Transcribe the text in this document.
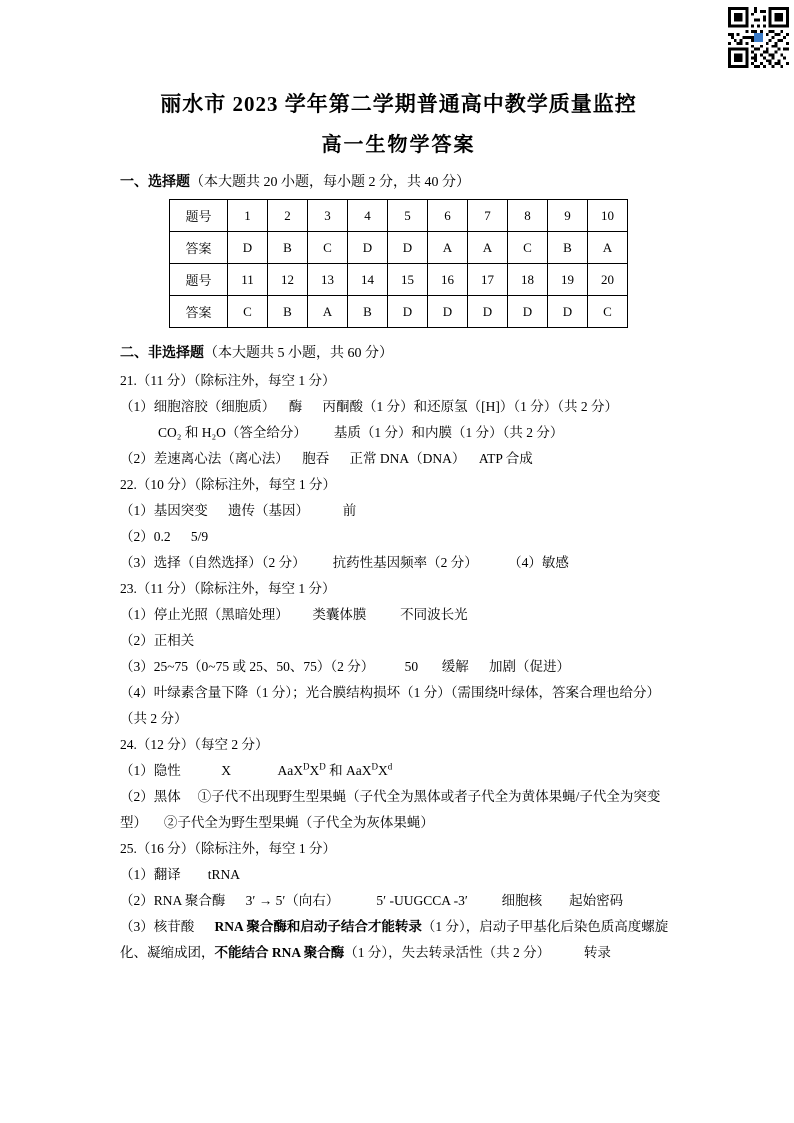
丽水市 2023 学年第二学期普通高中教学质量监控
高一生物学答案

一、选择题（本大题共 20 小题，每小题 2 分，共 40 分）

题号	1	2	3	4	5	6	7	8	9	10
答案	D	B	C	D	D	A	A	C	B	A
题号	11	12	13	14	15	16	17	18	19	20
答案	C	B	A	B	D	D	D	D	D	C

二、非选择题（本大题共 5 小题，共 60 分）

21.（11 分）（除标注外，每空 1 分）

（1）细胞溶胶（细胞质）    酶      丙酮酸（1 分）和还原氢（[H]）（1 分）（共 2 分）

CO₂ 和 H₂O（答全给分）        基质（1 分）和内膜（1 分）（共 2 分）

（2）差速离心法（离心法）    胞吞      正常 DNA（DNA）    ATP 合成

22.（10 分）（除标注外，每空 1 分）

（1）基因突变      遗传（基因）          前

（2）0.2      5/9

（3）选择（自然选择）（2 分）        抗药性基因频率（2 分）         （4）敏感

23.（11 分）（除标注外，每空 1 分）

（1）停止光照（黑暗处理）       类囊体膜          不同波长光

（2）正相关

（3）25~75（0~75 或 25、50、75）（2 分）         50       缓解      加剧（促进）

（4）叶绿素含量下降（1 分）；光合膜结构损坏（1 分）（需围绕叶绿体，答案合理也给分）（共 2 分）

24.（12 分）（每空 2 分）

（1）隐性            X              $AaX^DX^D$ 和 $AaX^DX^d$

（2）黑体     ①子代不出现野生型果蝇（子代全为黑体或者子代全为黄体果蝇/子代全为突变型）     ②子代全为野生型果蝇（子代全为灰体果蝇）

25.（16 分）（除标注外，每空 1 分）

（1）翻译        tRNA

（2）RNA 聚合酶      3′ → 5′（向右）           5′ -UUGCCA -3′          细胞核        起始密码

（3）核苷酸      RNA 聚合酶和启动子结合才能转录（1 分），启动子甲基化后染色质高度螺旋化、凝缩成团，不能结合 RNA 聚合酶（1 分），失去转录活性（共 2 分）          转录
